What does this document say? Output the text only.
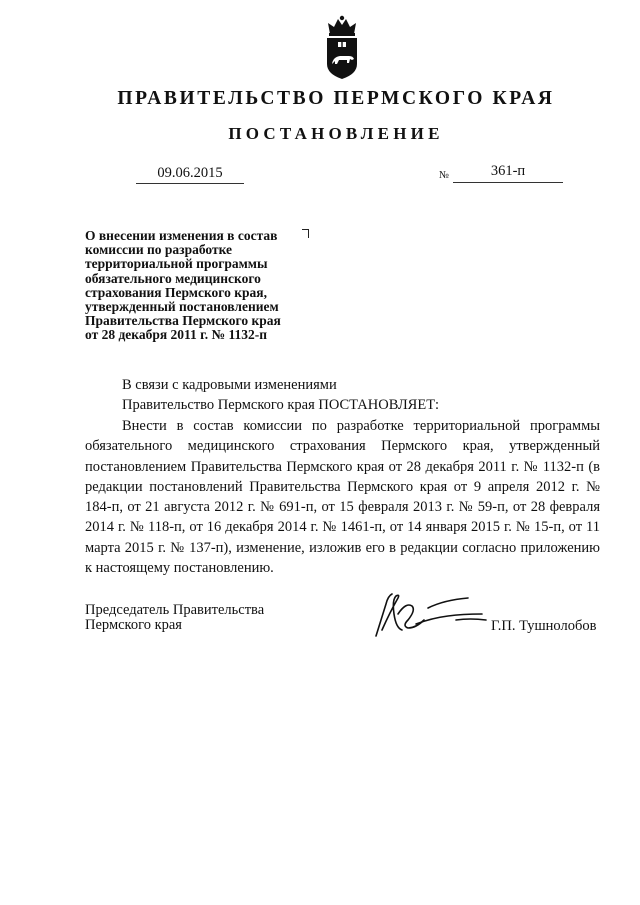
ПРАВИТЕЛЬСТВО ПЕРМСКОГО КРАЯ
ПОСТАНОВЛЕНИЕ
09.06.2015	№	361-п
О внесении изменения в состав
комиссии по разработке
территориальной программы
обязательного медицинского
страхования Пермского края,
утвержденный постановлением
Правительства Пермского края
от 28 декабря 2011 г. № 1132-п
В связи с кадровыми изменениями
Правительство Пермского края ПОСТАНОВЛЯЕТ:
Внести в состав комиссии по разработке территориальной программы обязательного медицинского страхования Пермского края, утвержденный постановлением Правительства Пермского края от 28 декабря 2011 г. № 1132-п (в редакции постановлений Правительства Пермского края от 9 апреля 2012 г. № 184-п, от 21 августа 2012 г. № 691-п, от 15 февраля 2013 г. № 59-п, от 28 февраля 2014 г. № 118-п, от 16 декабря 2014 г. № 1461-п, от 14 января 2015 г. № 15-п, от 11 марта 2015 г. № 137-п), изменение, изложив его в редакции согласно приложению к настоящему постановлению.
Председатель Правительства
Пермского края	Г.П. Тушнолобов
